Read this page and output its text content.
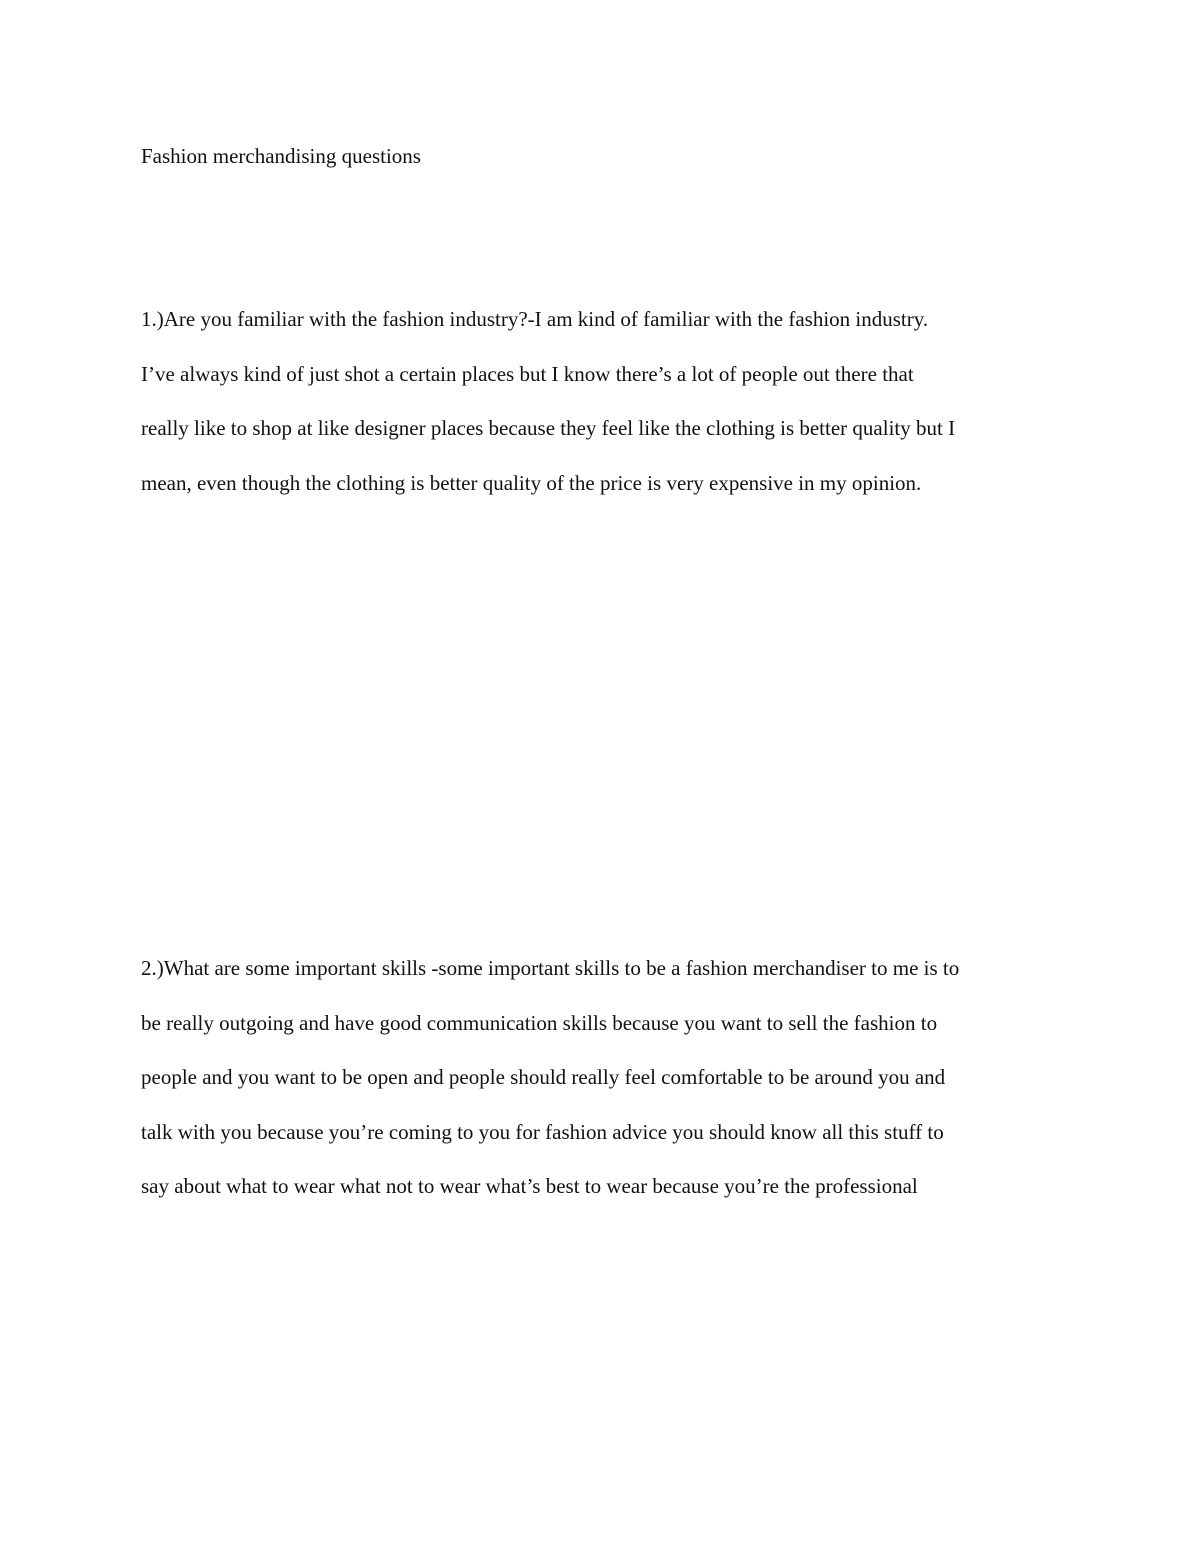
Fashion merchandising questions
1.)Are you familiar with the fashion industry?-I am kind of familiar with the fashion industry.
I’ve always kind of just shot a certain places but I know there’s a lot of people out there that
really like to shop at like designer places because they feel like the clothing is better quality but I
mean, even though the clothing is better quality of the price is very expensive in my opinion.
2.)What are some important skills -some important skills to be a fashion merchandiser to me is to
be really outgoing and have good communication skills because you want to sell the fashion to
people and you want to be open and people should really feel comfortable to be around you and
talk with you because you’re coming to you for fashion advice you should know all this stuff to
say about what to wear what not to wear what’s best to wear because you’re the professional
